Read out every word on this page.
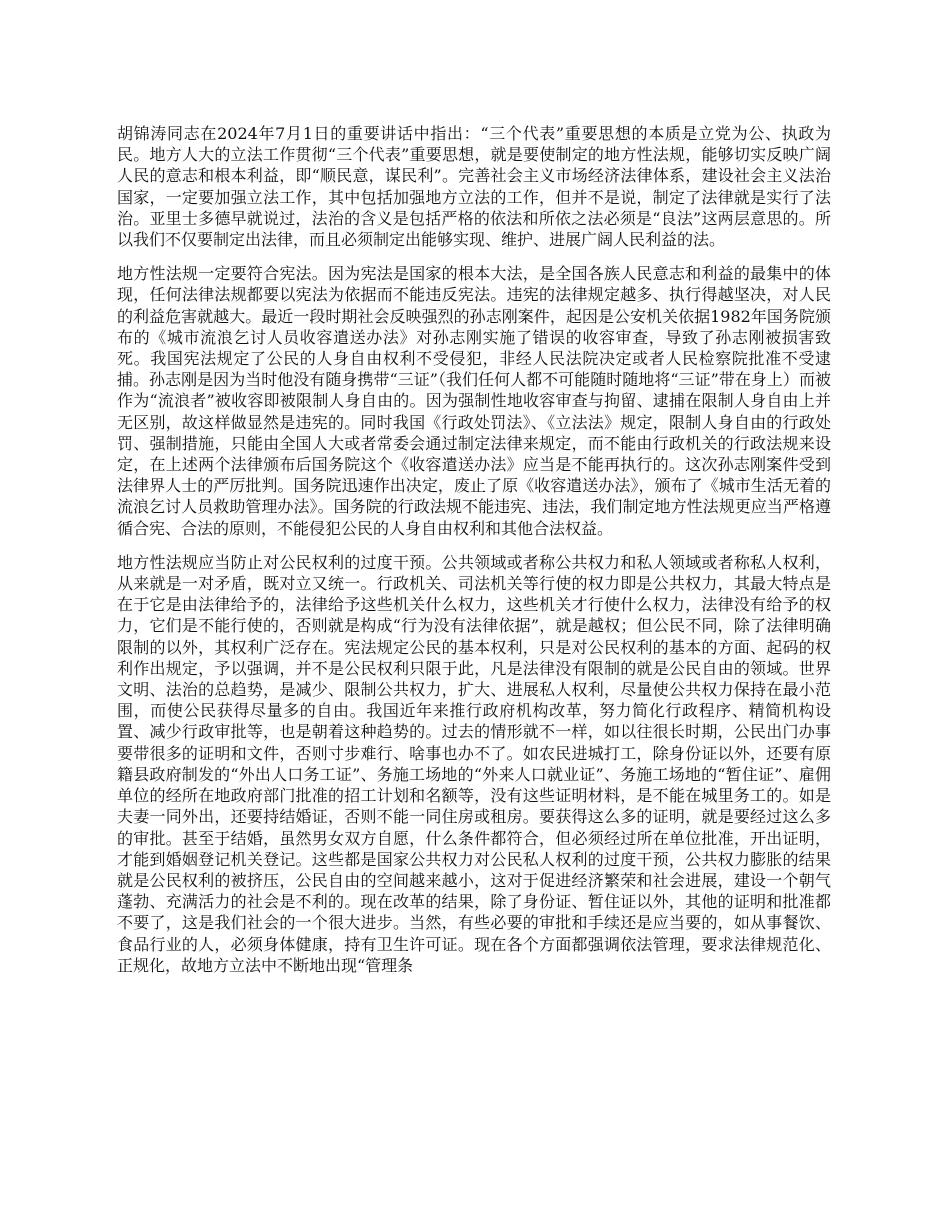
胡锦涛同志在2024年7月1日的重要讲话中指出：“三个代表”重要思想的本质是立党为公、执政为民。地方人大的立法工作贯彻“三个代表”重要思想，就是要使制定的地方性法规，能够切实反映广阔人民的意志和根本利益，即“顺民意，谋民利”。完善社会主义市场经济法律体系，建设社会主义法治国家，一定要加强立法工作，其中包括加强地方立法的工作，但并不是说，制定了法律就是实行了法治。亚里士多德早就说过，法治的含义是包括严格的依法和所依之法必须是“良法”这两层意思的。所以我们不仅要制定出法律，而且必须制定出能够实现、维护、进展广阔人民利益的法。

地方性法规一定要符合宪法。因为宪法是国家的根本大法，是全国各族人民意志和利益的最集中的体现，任何法律法规都要以宪法为依据而不能违反宪法。违宪的法律规定越多、执行得越坚决，对人民的利益危害就越大。最近一段时期社会反映强烈的孙志刚案件，起因是公安机关依据1982年国务院颁布的《城市流浪乞讨人员收容遣送办法》对孙志刚实施了错误的收容审查，导致了孙志刚被损害致死。我国宪法规定了公民的人身自由权利不受侵犯，非经人民法院决定或者人民检察院批准不受逮捕。孙志刚是因为当时他没有随身携带“三证”（我们任何人都不可能随时随地将“三证”带在身上）而被作为“流浪者”被收容即被限制人身自由的。因为强制性地收容审查与拘留、逮捕在限制人身自由上并无区别，故这样做显然是违宪的。同时我国《行政处罚法》、《立法法》规定，限制人身自由的行政处罚、强制措施，只能由全国人大或者常委会通过制定法律来规定，而不能由行政机关的行政法规来设定，在上述两个法律颁布后国务院这个《收容遣送办法》应当是不能再执行的。这次孙志刚案件受到法律界人士的严厉批判。国务院迅速作出决定，废止了原《收容遣送办法》，颁布了《城市生活无着的流浪乞讨人员救助管理办法》。国务院的行政法规不能违宪、违法，我们制定地方性法规更应当严格遵循合宪、合法的原则，不能侵犯公民的人身自由权利和其他合法权益。

地方性法规应当防止对公民权利的过度干预。公共领域或者称公共权力和私人领域或者称私人权利，从来就是一对矛盾，既对立又统一。行政机关、司法机关等行使的权力即是公共权力，其最大特点是在于它是由法律给予的，法律给予这些机关什么权力，这些机关才行使什么权力，法律没有给予的权力，它们是不能行使的，否则就是构成“行为没有法律依据”，就是越权；但公民不同，除了法律明确限制的以外，其权利广泛存在。宪法规定公民的基本权利，只是对公民权利的基本的方面、起码的权利作出规定，予以强调，并不是公民权利只限于此，凡是法律没有限制的就是公民自由的领域。世界文明、法治的总趋势，是减少、限制公共权力，扩大、进展私人权利，尽量使公共权力保持在最小范围，而使公民获得尽量多的自由。我国近年来推行政府机构改革，努力简化行政程序、精简机构设置、减少行政审批等，也是朝着这种趋势的。过去的情形就不一样，如以往很长时期，公民出门办事要带很多的证明和文件，否则寸步难行、啥事也办不了。如农民进城打工，除身份证以外，还要有原籍县政府制发的“外出人口务工证”、务施工场地的“外来人口就业证”、务施工场地的“暂住证”、雇佣单位的经所在地政府部门批准的招工计划和名额等，没有这些证明材料，是不能在城里务工的。如是夫妻一同外出，还要持结婚证，否则不能一同住房或租房。要获得这么多的证明，就是要经过这么多的审批。甚至于结婚，虽然男女双方自愿，什么条件都符合，但必须经过所在单位批准，开出证明，才能到婚姻登记机关登记。这些都是国家公共权力对公民私人权利的过度干预，公共权力膨胀的结果就是公民权利的被挤压，公民自由的空间越来越小，这对于促进经济繁荣和社会进展，建设一个朝气蓬勃、充满活力的社会是不利的。现在改革的结果，除了身份证、暂住证以外，其他的证明和批准都不要了，这是我们社会的一个很大进步。当然，有些必要的审批和手续还是应当要的，如从事餐饮、食品行业的人，必须身体健康，持有卫生许可证。现在各个方面都强调依法管理，要求法律规范化、正规化，故地方立法中不断地出现“管理条
